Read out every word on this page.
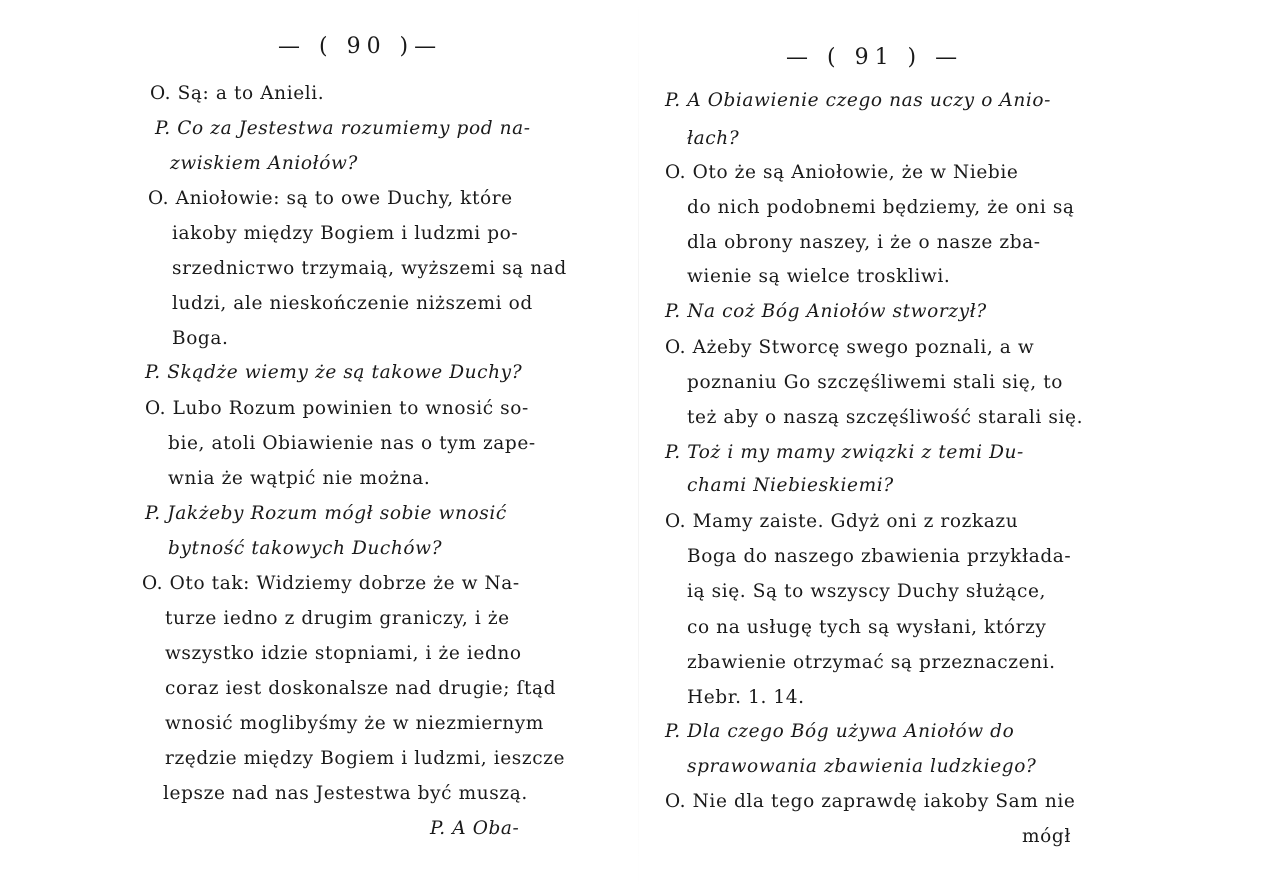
— ( 90 )—
O. Są: a to Anieli.
P. Co za Jestestwa rozumiemy pod na-
zwiskiem Aniołów?
O. Aniołowie: są to owe Duchy, które
iakoby między Bogiem i ludzmi po-
srzedniстwo trzymaią, wyższemi są nad
ludzi, ale nieskończenie niższemi od
Boga.
P. Skądże wiemy że są takowe Duchy?
O. Lubo Rozum powinien to wnosić so-
bie, atoli Obiawienie nas o tym zape-
wnia że wątpić nie można.
P. Jakżeby Rozum mógł sobie wnosić
bytność takowych Duchów?
O. Oto tak: Widziemy dobrze że w Na-
turze iedno z drugim graniczy, i że
wszystko idzie stopniami, i że iedno
coraz iest doskonalsze nad drugie; ſtąd
wnosić moglibyśmy że w niezmiernym
rzędzie między Bogiem i ludzmi, ieszcze
lepsze nad nas Jestestwa być muszą.
P. A Oba-
— ( 91 ) —
P. A Obiawienie czego nas uczy o Anio-
łach?
O. Oto że są Aniołowie, że w Niebie
do nich podobnemi będziemy, że oni są
dla obrony naszey, i że o nasze zba-
wienie są wielce troskliwi.
P. Na coż Bóg Aniołów stworzył?
O. Ażeby Stworcę swego poznali, a w
poznaniu Go szczęśliwemi stali się, to
też aby o naszą szczęśliwość starali się.
P. Toż i my mamy związki z temi Du-
chami Niebieskiemi?
O. Mamy zaiste. Gdyż oni z rozkazu
Boga do naszego zbawienia przykłada-
ią się. Są to wszyscy Duchy służące,
co na usługę tych są wysłani, którzy
zbawienie otrzymać są przeznaczeni.
Hebr. 1. 14.
P. Dla czego Bóg używa Aniołów do
sprawowania zbawienia ludzkiego?
O. Nie dla tego zaprawdę iakoby Sam nie
mógł
